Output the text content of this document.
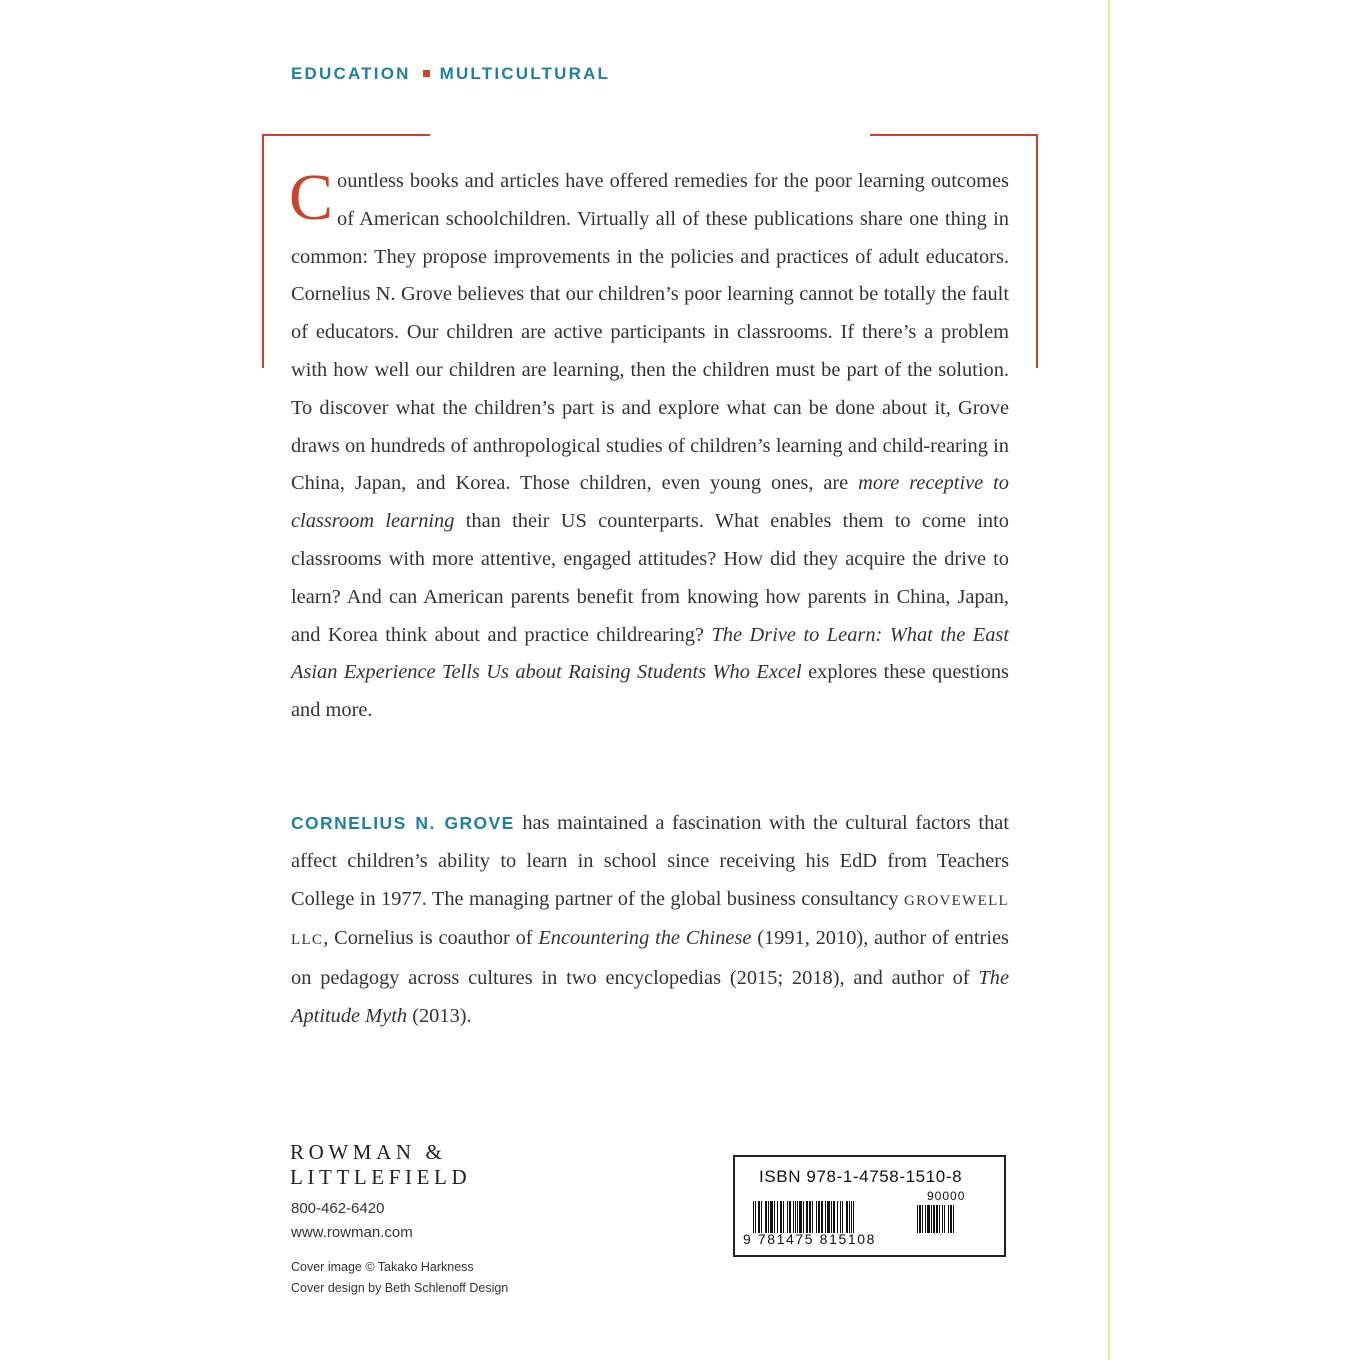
EDUCATION MULTICULTURAL

Countless books and articles have offered remedies for the poor learning outcomes of American schoolchildren. Virtually all of these publications share one thing in common: They propose improvements in the policies and practices of adult educators. Cornelius N. Grove believes that our children’s poor learning cannot be totally the fault of educators. Our children are active participants in classrooms. If there’s a problem with how well our children are learning, then the children must be part of the solution. To discover what the children’s part is and explore what can be done about it, Grove draws on hundreds of anthropological studies of children’s learning and child-rearing in China, Japan, and Korea. Those children, even young ones, are more receptive to classroom learning than their US counterparts. What enables them to come into classrooms with more attentive, engaged attitudes? How did they acquire the drive to learn? And can American parents benefit from knowing how parents in China, Japan, and Korea think about and practice childrearing? The Drive to Learn: What the East Asian Experience Tells Us about Raising Students Who Excel explores these questions and more.

CORNELIUS N. GROVE has maintained a fascination with the cultural factors that affect children’s ability to learn in school since receiving his EdD from Teachers College in 1977. The managing partner of the global business consultancy GROVEWELL LLC, Cornelius is coauthor of Encountering the Chinese (1991, 2010), author of entries on pedagogy across cultures in two encyclopedias (2015; 2018), and author of The Aptitude Myth (2013).

ROWMAN &
LITTLEFIELD
800-462-6420
www.rowman.com
Cover image © Takako Harkness
Cover design by Beth Schlenoff Design
ISBN 978-1-4758-1510-8
90000
9 781475 815108
